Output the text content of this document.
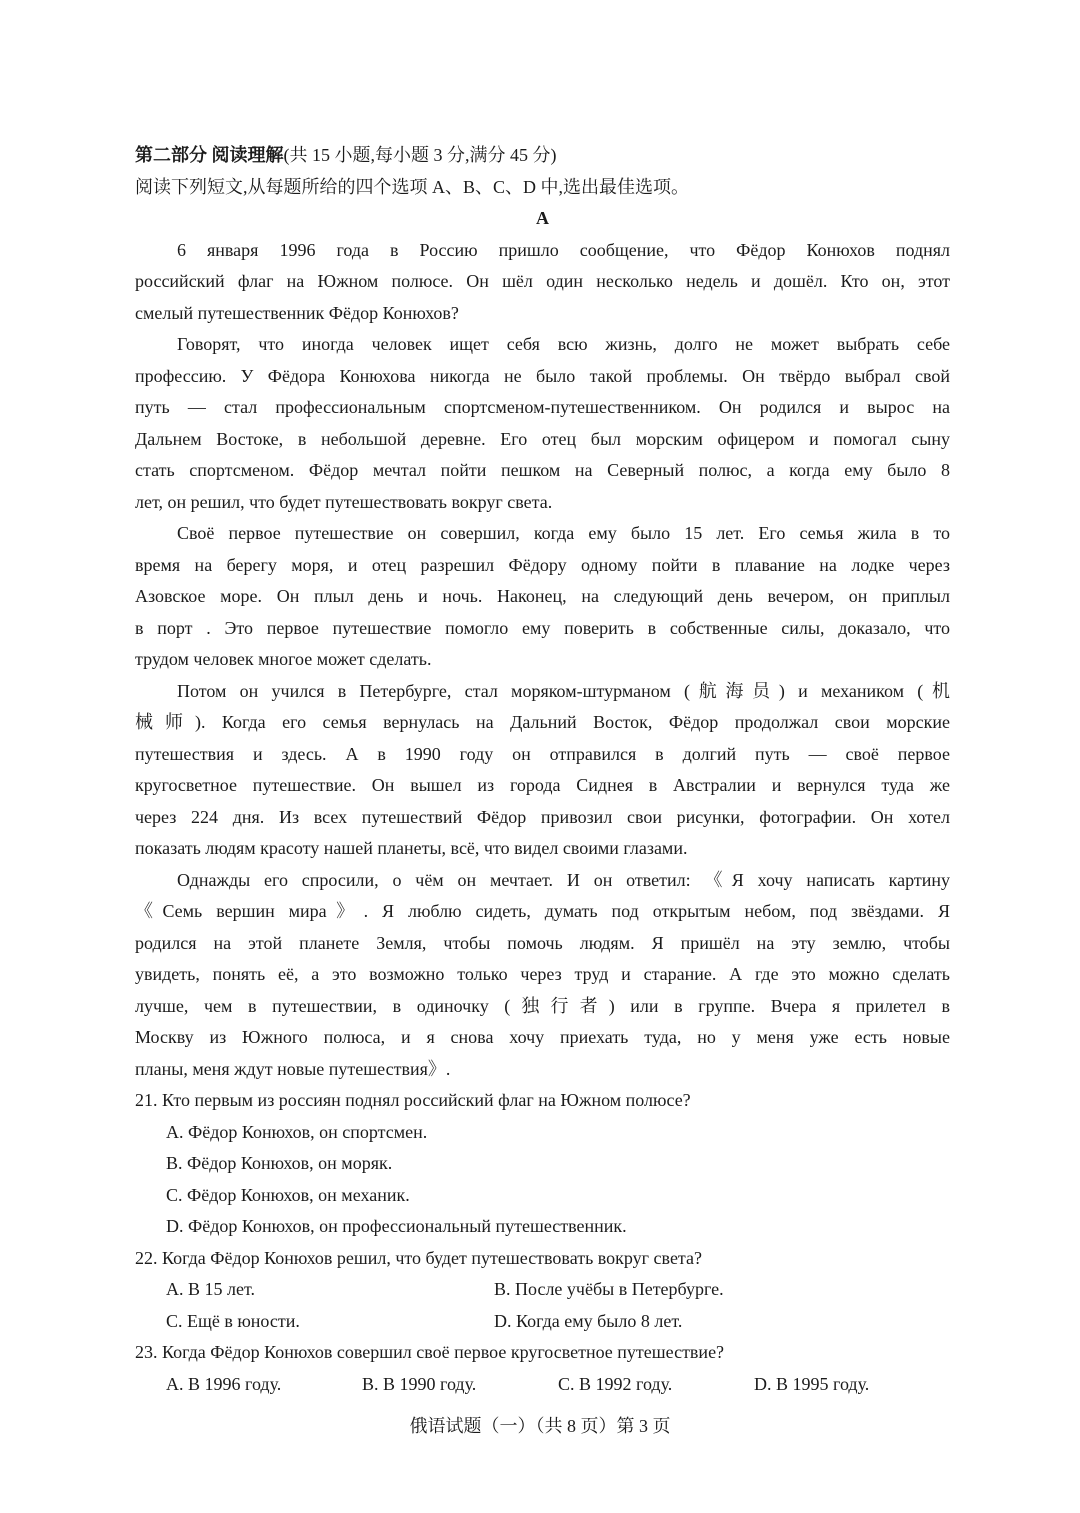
第二部分 阅读理解(共 15 小题,每小题 3 分,满分 45 分)
阅读下列短文,从每题所给的四个选项 A、B、C、D 中,选出最佳选项。
A
6 января 1996 года в Россию пришло сообщение, что Фёдор Конюхов поднял
российский флаг на Южном полюсе. Он шёл один несколько недель и дошёл. Кто он, этот
смелый путешественник Фёдор Конюхов?
Говорят, что иногда человек ищет себя всю жизнь, долго не может выбрать себе
профессию. У Фёдора Конюхова никогда не было такой проблемы. Он твёрдо выбрал свой
путь — стал профессиональным спортсменом-путешественником. Он родился и вырос на
Дальнем Востоке, в небольшой деревне. Его отец был морским офицером и помогал сыну
стать спортсменом. Фёдор мечтал пойти пешком на Северный полюс, а когда ему было 8
лет, он решил, что будет путешествовать вокруг света.
Своё первое путешествие он совершил, когда ему было 15 лет. Его семья жила в то
время на берегу моря, и отец разрешил Фёдору одному пойти в плавание на лодке через
Азовское море. Он плыл день и ночь. Наконец, на следующий день вечером, он приплыл
в порт . Это первое путешествие помогло ему поверить в собственные силы, доказало, что
трудом человек многое может сделать.
Потом он учился в Петербурге, стал моряком-штурманом (航海员) и механиком (机
械师). Когда его семья вернулась на Дальний Восток, Фёдор продолжал свои морские
путешествия и здесь. А в 1990 году он отправился в долгий путь — своё первое
кругосветное путешествие. Он вышел из города Сиднея в Австралии и вернулся туда же
через 224 дня. Из всех путешествий Фёдор привозил свои рисунки, фотографии. Он хотел
показать людям красоту нашей планеты, всё, что видел своими глазами.
Однажды его спросили, о чём он мечтает. И он ответил: 《Я хочу написать картину
《Семь вершин мира》. Я люблю сидеть, думать под открытым небом, под звёздами. Я
родился на этой планете Земля, чтобы помочь людям. Я пришёл на эту землю, чтобы
увидеть, понять её, а это возможно только через труд и старание. А где это можно сделать
лучше, чем в путешествии, в одиночку (独行者) или в группе. Вчера я прилетел в
Москву из Южного полюса, и я снова хочу приехать туда, но у меня уже есть новые
планы, меня ждут новые путешествия》.
21. Кто первым из россиян поднял российский флаг на Южном полюсе?
A. Фёдор Конюхов, он спортсмен.
B. Фёдор Конюхов, он моряк.
C. Фёдор Конюхов, он механик.
D. Фёдор Конюхов, он профессиональный путешественник.
22. Когда Фёдор Конюхов решил, что будет путешествовать вокруг света?
A. В 15 лет.	B. После учёбы в Петербурге.
C. Ещё в юности.	D. Когда ему было 8 лет.
23. Когда Фёдор Конюхов совершил своё первое кругосветное путешествие?
A. В 1996 году.	B. В 1990 году.	C. В 1992 году.	D. В 1995 году.
俄语试题（一）（共 8 页）第 3 页
